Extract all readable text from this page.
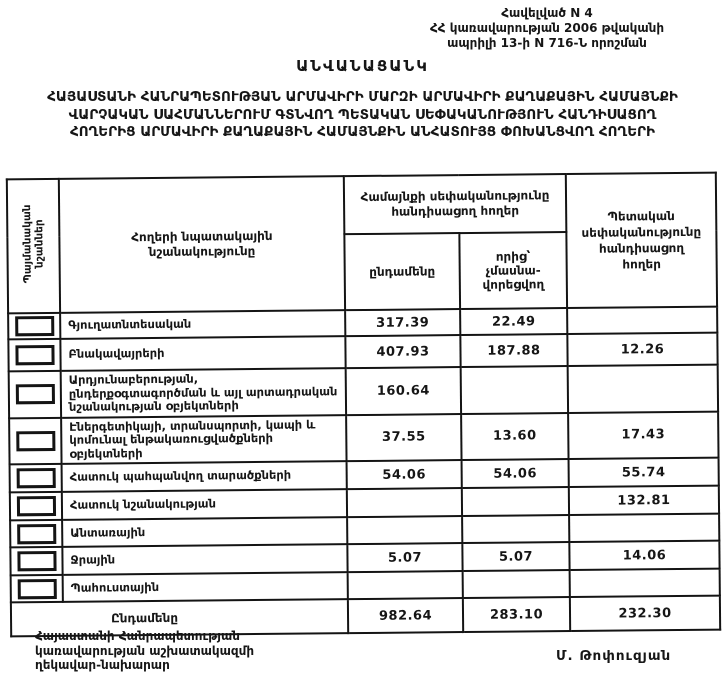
Հավելված N 4
ՀՀ կառավարության 2006 թվականի
ապրիլի 13-ի N 716-Ն որոշման
ԱՆՎԱՆԱՑԱՆԿ
ՀԱՅԱՍՏԱՆԻ ՀԱՆՐԱՊԵՏՈՒԹՅԱՆ ԱՐՄԱՎԻՐԻ ՄԱՐԶԻ ԱՐՄԱՎԻՐԻ ՔԱՂԱՔԱՅԻՆ ՀԱՄԱՅՆՔԻ
ՎԱՐՉԱԿԱՆ ՍԱՀՄԱՆՆԵՐՈՒՄ ԳՏՆՎՈՂ ՊԵՏԱԿԱՆ ՍԵՓԱԿԱՆՈՒԹՅՈՒՆ ՀԱՆԴԻՍԱՑՈՂ
ՀՈՂԵՐԻՑ ԱՐՄԱՎԻՐԻ ՔԱՂԱՔԱՅԻՆ ՀԱՄԱՅՆՔԻՆ ԱՆՀԱՏՈՒՅՑ ՓՈԽԱՆՑՎՈՂ ՀՈՂԵՐԻ
Պայմանական նշաններ	Հողերի նպատակային նշանակությունը	Համայնքի սեփականությունը հանդիսացող հողեր		Պետական սեփականությունը հանդիսացող հողեր
		ընդամենը	որից՝ չմասնա-վորեցվող	

	Գյուղատնտեսական	317.39	22.49	

	Բնակավայրերի	407.93	187.88	12.26

	Արդյունաբերության, ընդերքօգտագործման և այլ արտադրական նշանակության օբյեկտների	160.64		

	Էներգետիկայի, տրանսպորտի, կապի և կոմունալ ենթակառուցվածքների օբյեկտների	37.55	13.60	17.43

	Հատուկ պահպանվող տարածքների	54.06	54.06	55.74

	Հատուկ նշանակության			132.81

	Անտառային			

	Ջրային	5.07	5.07	14.06

	Պահուստային			
Ընդամենը		982.64	283.10	232.30
Հայաստանի Հանրապետության
կառավարության աշխատակազմի
ղեկավար-նախարար
Մ. Թոփուզյան
